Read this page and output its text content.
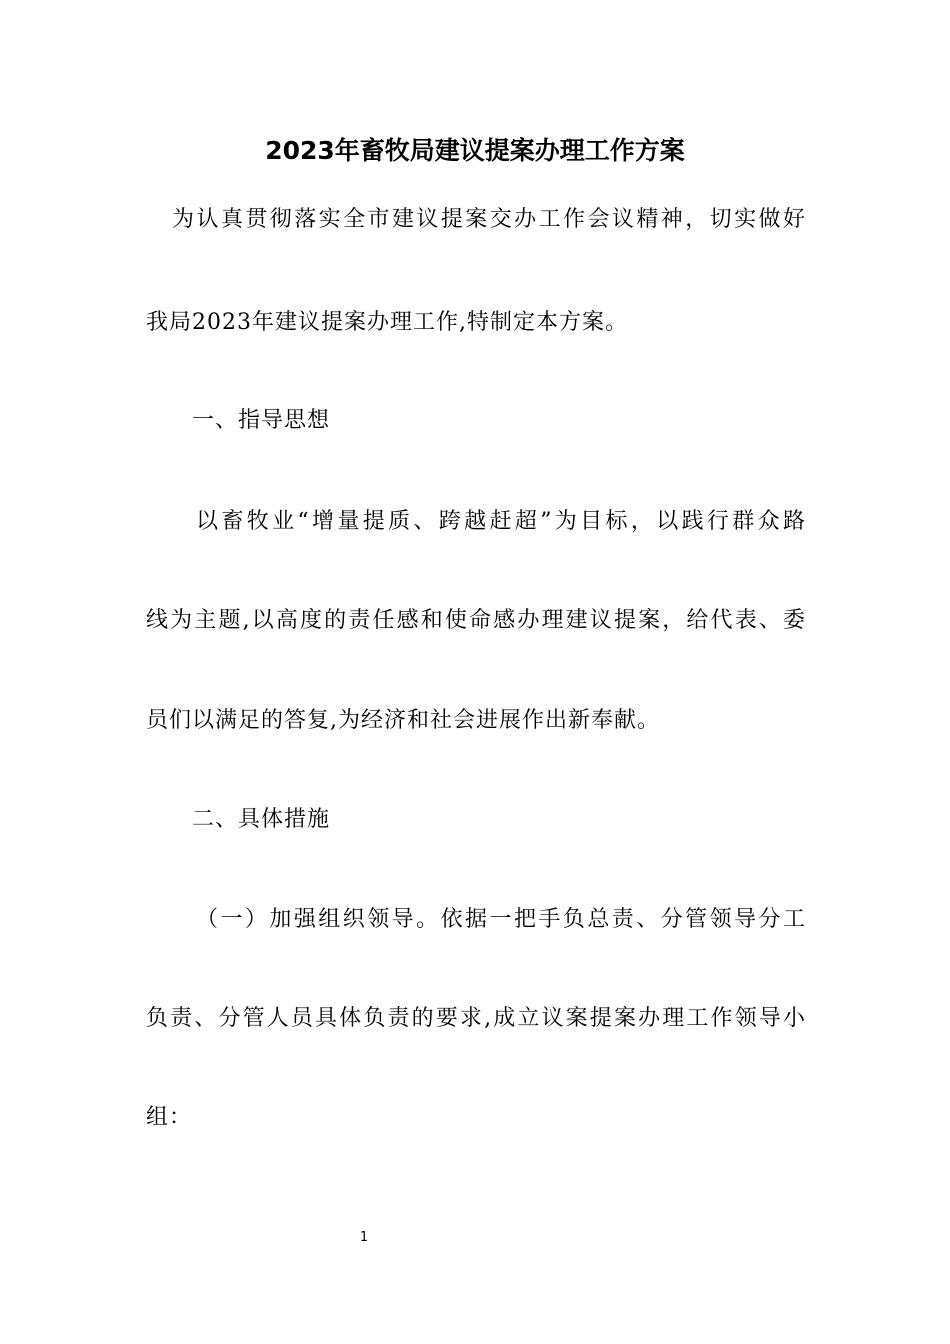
2023年畜牧局建议提案办理工作方案
为认真贯彻落实全市建议提案交办工作会议精神，切实做好
我局2023年建议提案办理工作,特制定本方案。
一、指导思想
以畜牧业“增量提质、跨越赶超”为目标，以践行群众路
线为主题,以高度的责任感和使命感办理建议提案，给代表、委
员们以满足的答复,为经济和社会进展作出新奉献。
二、具体措施
（一）加强组织领导。依据一把手负总责、分管领导分工
负责、分管人员具体负责的要求,成立议案提案办理工作领导小
组：
1
